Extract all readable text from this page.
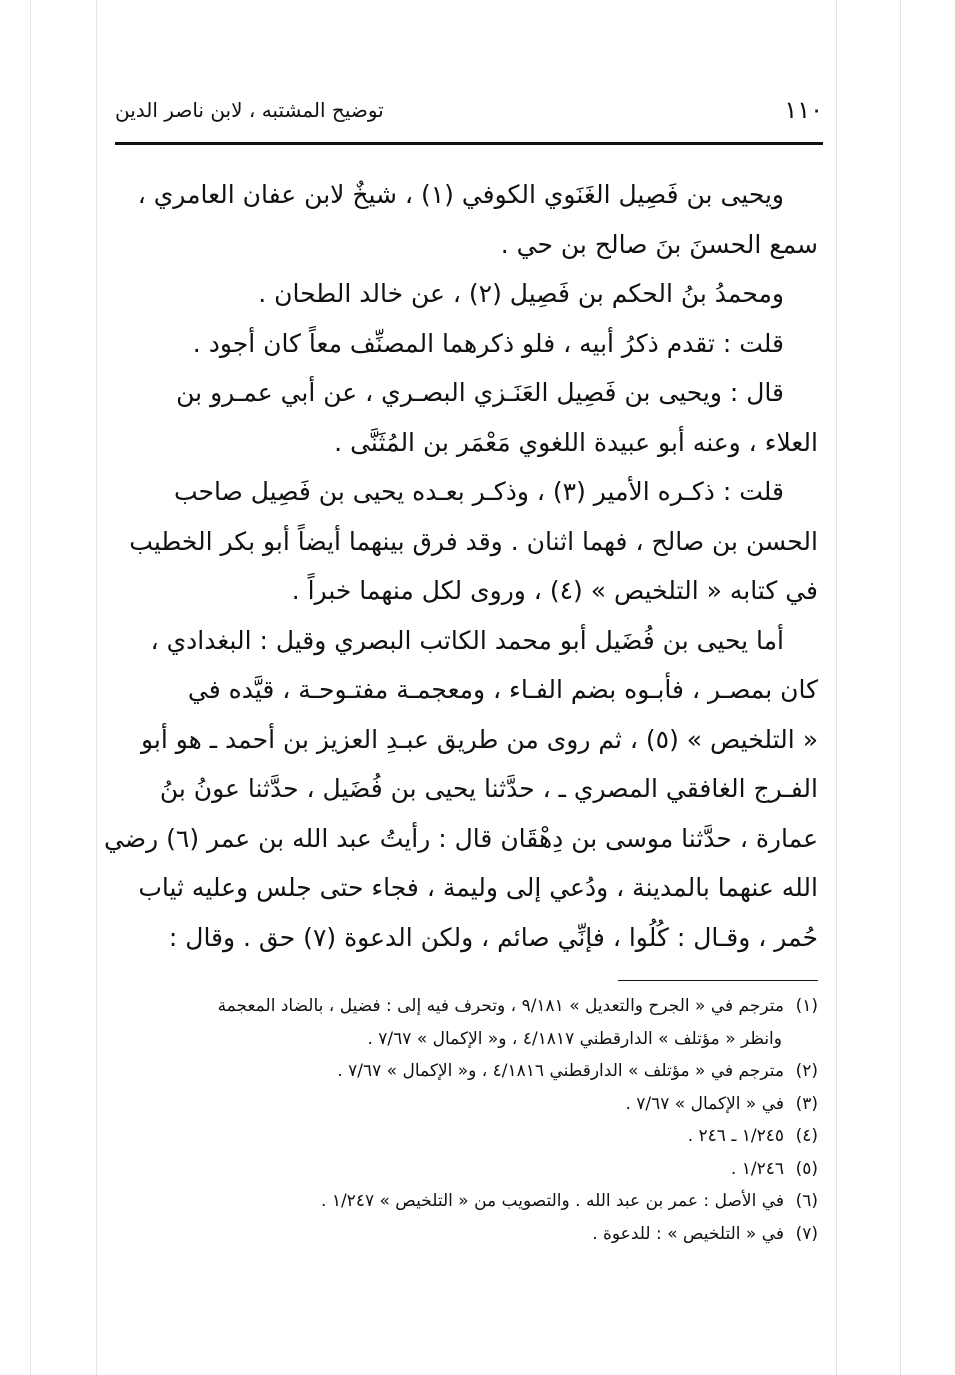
١١٠
توضيح المشتبه ، لابن ناصر الدين
ويحيى بن فَصِيل الغَنَوي الكوفي (١) ، شيخٌ لابن عفان العامري ،
سمع الحسنَ بنَ صالح بن حي .
ومحمدُ بنُ الحكم بن فَصِيل (٢) ، عن خالد الطحان .
قلت : تقدم ذكرُ أبيه ، فلو ذكرهما المصنِّف معاً كان أجود .
قال : ويحيى بن فَصِيل العَنَـزي البصـري ، عن أبي عمـرو بن
العلاء ، وعنه أبو عبيدة اللغوي مَعْمَر بن المُثَنَّى .
قلت : ذكـره الأمير (٣) ، وذكـر بعـده يحيى بن فَصِيل صاحب
الحسن بن صالح ، فهما اثنان . وقد فرق بينهما أيضاً أبو بكر الخطيب
في كتابه « التلخيص » (٤) ، وروى لكل منهما خبراً .
أما يحيى بن فُضَيل أبو محمد الكاتب البصري وقيل : البغدادي ،
كان بمصـر ، فأبـوه بضم الفـاء ، ومعجمـة مفتـوحـة ، قيَّده في
« التلخيص » (٥) ، ثم روى من طريق عبـدِ العزيز بن أحمد ـ هو أبو
الفـرج الغافقي المصري ـ ، حدَّثنا يحيى بن فُضَيل ، حدَّثنا عونُ بنُ
عمارة ، حدَّثنا موسى بن دِهْقَان قال : رأيتُ عبد الله بن عمر (٦) رضي
الله عنهما بالمدينة ، ودُعي إلى وليمة ، فجاء حتى جلس وعليه ثياب
حُمر ، وقـال : كُلُوا ، فإنِّي صائم ، ولكن الدعوة (٧) حق . وقال :
(١)مترجم في « الجرح والتعديل » ٩/١٨١ ، وتحرف فيه إلى : فضيل ، بالضاد المعجمة
وانظر « مؤتلف » الدارقطني ٤/١٨١٧ ، و« الإكمال » ٧/٦٧ .
(٢)مترجم في « مؤتلف » الدارقطني ٤/١٨١٦ ، و« الإكمال » ٧/٦٧ .
(٣)في « الإكمال » ٧/٦٧ .
(٤)١/٢٤٥ ـ ٢٤٦ .
(٥)١/٢٤٦ .
(٦)في الأصل : عمر بن عبد الله . والتصويب من « التلخيص » ١/٢٤٧ .
(٧)في « التلخيص » : للدعوة .
